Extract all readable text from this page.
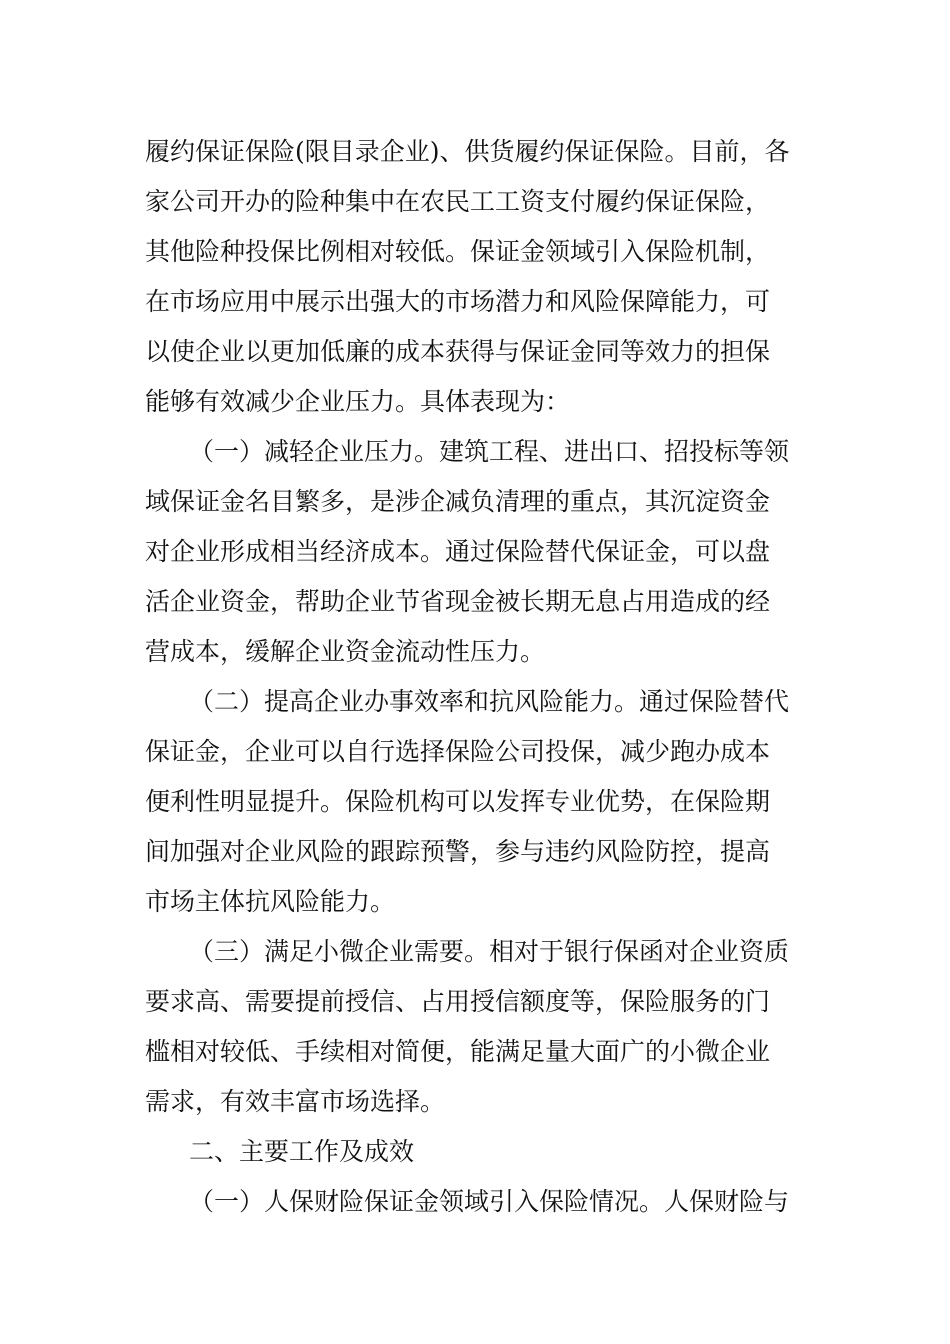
履约保证保险(限目录企业)、供货履约保证保险。目前，各
家公司开办的险种集中在农民工工资支付履约保证保险，
其他险种投保比例相对较低。保证金领域引入保险机制，
在市场应用中展示出强大的市场潜力和风险保障能力，可
以使企业以更加低廉的成本获得与保证金同等效力的担保
能够有效减少企业压力。具体表现为：
（一）减轻企业压力。建筑工程、进出口、招投标等领
域保证金名目繁多，是涉企减负清理的重点，其沉淀资金
对企业形成相当经济成本。通过保险替代保证金，可以盘
活企业资金，帮助企业节省现金被长期无息占用造成的经
营成本，缓解企业资金流动性压力。
（二）提高企业办事效率和抗风险能力。通过保险替代
保证金，企业可以自行选择保险公司投保，减少跑办成本
便利性明显提升。保险机构可以发挥专业优势，在保险期
间加强对企业风险的跟踪预警，参与违约风险防控，提高
市场主体抗风险能力。
（三）满足小微企业需要。相对于银行保函对企业资质
要求高、需要提前授信、占用授信额度等，保险服务的门
槛相对较低、手续相对简便，能满足量大面广的小微企业
需求，有效丰富市场选择。
二、主要工作及成效
（一）人保财险保证金领域引入保险情况。人保财险与
